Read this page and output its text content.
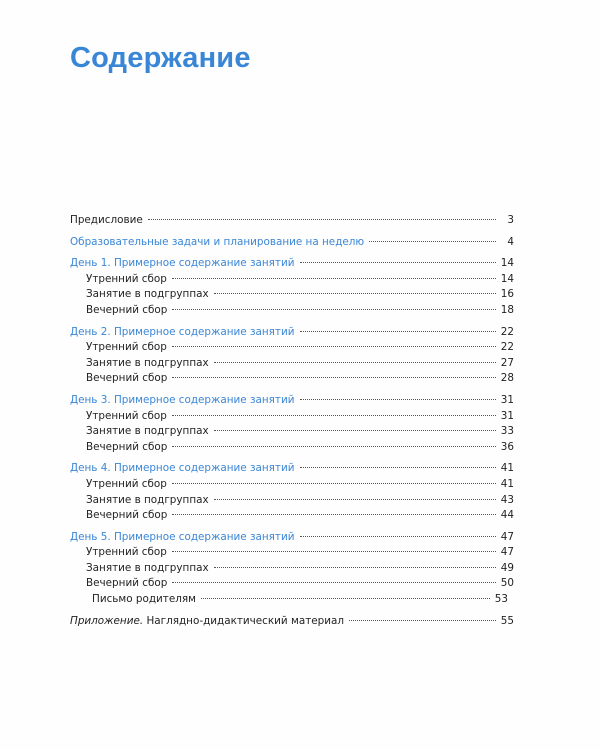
Содержание
Предисловие	3
Образовательные задачи и планирование на неделю	4
День 1. Примерное содержание занятий	14
Утренний сбор	14
Занятие в подгруппах	16
Вечерний сбор	18
День 2. Примерное содержание занятий	22
Утренний сбор	22
Занятие в подгруппах	27
Вечерний сбор	28
День 3. Примерное содержание занятий	31
Утренний сбор	31
Занятие в подгруппах	33
Вечерний сбор	36
День 4. Примерное содержание занятий	41
Утренний сбор	41
Занятие в подгруппах	43
Вечерний сбор	44
День 5. Примерное содержание занятий	47
Утренний сбор	47
Занятие в подгруппах	49
Вечерний сбор	50
Письмо родителям	53
Приложение. Наглядно-дидактический материал	55
